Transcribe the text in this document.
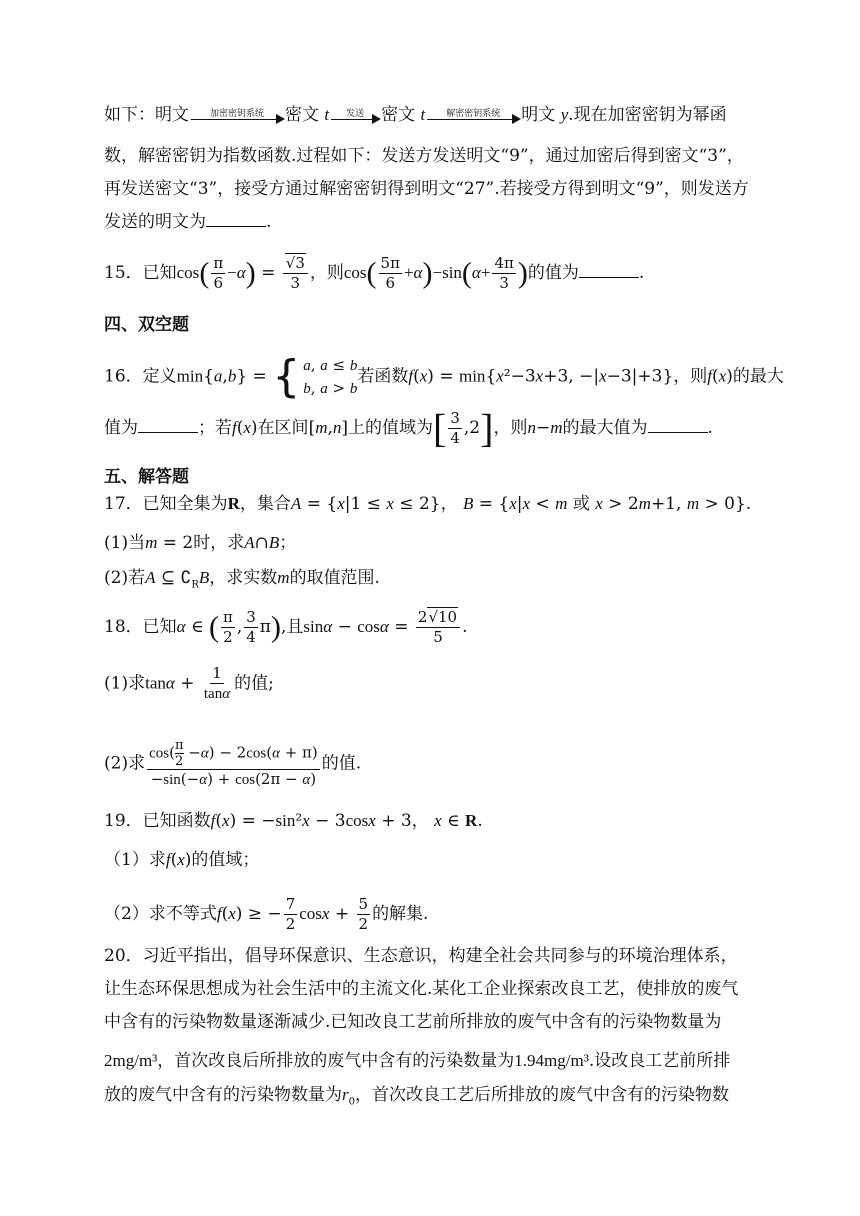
如下：明文	加密密钥系统	密文 t	发送	密文 t	解密密钥系统	明文 y.现在加密密钥为幂函
数，解密密钥为指数函数.过程如下：发送方发送明文“9”，通过加密后得到密文“3”，
再发送密文“3”，接受方通过解密密钥得到明文“27”.若接受方得到明文“9”，则发送方
发送的明文为	.
15．已知$\cos( \frac{\pi}{6} -\alpha) = \frac{√3}{3}$ ，则$\cos( \frac{5\pi}{6} +\alpha)-\sin(\alpha+ \frac{4\pi}{3}$ )的值为	.
四、双空题
16．定义min{a,b} = { a, a ≤ b
b, a > b
若函数f(x) = min{x²−3x+3, −|x−3|+3}，则f(x)的最大
值为	；若f(x)在区间[m,n]上的值域为[ $\frac{3}{4} ,2$]，则n−m的最大值为	.
五、解答题
17．已知全集为R，集合A = {x|1 ≤ x ≤ 2}， B = {x|x < m 或 x > 2m+1, m > 0}.
(1)当m = 2时，求A∩B；
(2)若A ⊆ $∁_RB$，求实数m的取值范围.
18．已知α ∈ ( $\frac{\pi}{2}$ , $\frac{3}{4} \pi$),且$\sin\alpha - \cos\alpha = \frac{2√10}{5}$ .
(1)求$\tan\alpha + \frac{1}{\tan\alpha}$ 的值;
(2)求 $\frac{\cos( \frac{\pi}{2} -\alpha) - 2\cos(\alpha + \pi)}{-\sin(-\alpha) + \cos(2\pi - \alpha)}$ 的值.
19．已知函数f(x) = −sin²x − 3cosx + 3， x ∈ R.
（1）求f(x)的值域；
（2）求不等式f(x) ≥ − $\frac{7}{2}$ $\cos x + \frac{5}{2}$ 的解集.
20．习近平指出，倡导环保意识、生态意识，构建全社会共同参与的环境治理体系，
让生态环保思想成为社会生活中的主流文化.某化工企业探索改良工艺，使排放的废气
中含有的污染物数量逐渐减少.已知改良工艺前所排放的废气中含有的污染物数量为
2mg/m³，首次改良后所排放的废气中含有的污染数量为1.94mg/m³.设改良工艺前所排
放的废气中含有的污染物数量为$r_0$，首次改良工艺后所排放的废气中含有的污染物数
